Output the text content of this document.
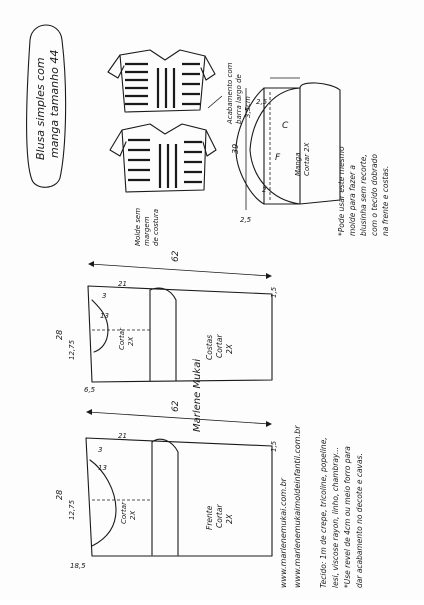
Blusa simples com manga tamanho 44	Acabamento com barra largo de 3,5cm
Molde sem margem de costura
2,5
39
2
2,5
F
C
Manga Cortar 2X	*Pode usar este mesmo molde para fazer a blusinha sem recorte, com o tecido dobrado na frente e costas.
62
28
12,75
6,5
21
3
13
1,5
Cortar 2X	Costas Cortar 2X
62
28
12,75
18,5
21
3
13
1,5
Cortar 2X	Frente Cortar 2X
Marlene Mukai
www.marlenemukai.com.br www.marlenemukaimoldeinfantil.com.br Tecido: 1m de crepe, tricoline, popeline, lesi, viscose rayon, linho, chambray... *Use revel de 4cm ou meio forro para dar acabamento no decote e cavas.
